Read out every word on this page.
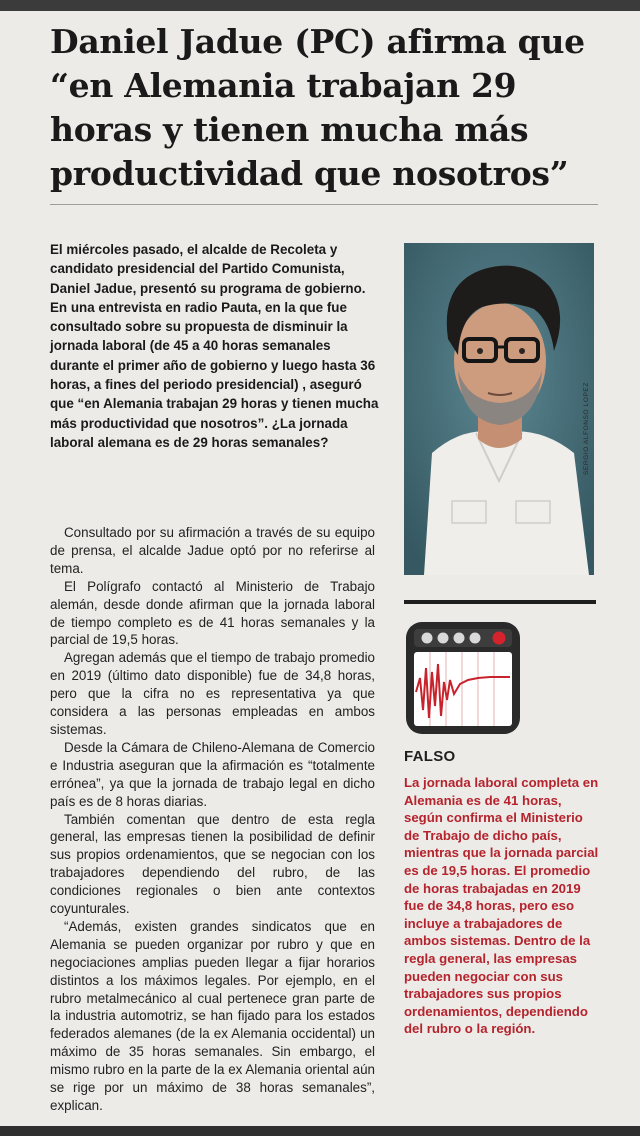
Daniel Jadue (PC) afirma que “en Alemania trabajan 29 horas y tienen mucha más productividad que nosotros”

El miércoles pasado, el alcalde de Recoleta y candidato presidencial del Partido Comunista, Daniel Jadue, presentó su programa de gobierno. En una entrevista en radio Pauta, en la que fue consultado sobre su propuesta de disminuir la jornada laboral (de 45 a 40 horas semanales durante el primer año de gobierno y luego hasta 36 horas, a fines del periodo presidencial) , aseguró que “en Alemania trabajan 29 horas y tienen mucha más productividad que nosotros”. ¿La jornada laboral alemana es de 29 horas semanales?

Consultado por su afirmación a través de su equipo de prensa, el alcalde Jadue optó por no referirse al tema.

El Polígrafo contactó al Ministerio de Trabajo alemán, desde donde afirman que la jornada laboral de tiempo completo es de 41 horas semanales y la parcial de 19,5 horas.

Agregan además que el tiempo de trabajo promedio en 2019 (último dato disponible) fue de 34,8 horas, pero que la cifra no es representativa ya que considera a las personas empleadas en ambos sistemas.

Desde la Cámara de Chileno-Alemana de Comercio e Industria aseguran que la afirmación es “totalmente errónea”, ya que la jornada de trabajo legal en dicho país es de 8 horas diarias.

También comentan que dentro de esta regla general, las empresas tienen la posibilidad de definir sus propios ordenamientos, que se negocian con los trabajadores dependiendo del rubro, de las condiciones regionales o bien ante contextos coyunturales.

“Además, existen grandes sindicatos que en Alemania se pueden organizar por rubro y que en negociaciones amplias pueden llegar a fijar horarios distintos a los máximos legales. Por ejemplo, en el rubro metalmecánico al cual pertenece gran parte de la industria automotriz, se han fijado para los estados federados alemanes (de la ex Alemania occidental) un máximo de 35 horas semanales. Sin embargo, el mismo rubro en la parte de la ex Alemania oriental aún se rige por un máximo de 38 horas semanales”, explican.

SERGIO ALFONSO LOPEZ
FALSO

La jornada laboral completa en Alemania es de 41 horas, según confirma el Ministerio de Trabajo de dicho país, mientras que la jornada parcial es de 19,5 horas. El promedio de horas trabajadas en 2019 fue de 34,8 horas, pero eso incluye a trabajadores de ambos sistemas. Dentro de la regla general, las empresas pueden negociar con sus trabajadores sus propios ordenamientos, dependiendo del rubro o la región.
